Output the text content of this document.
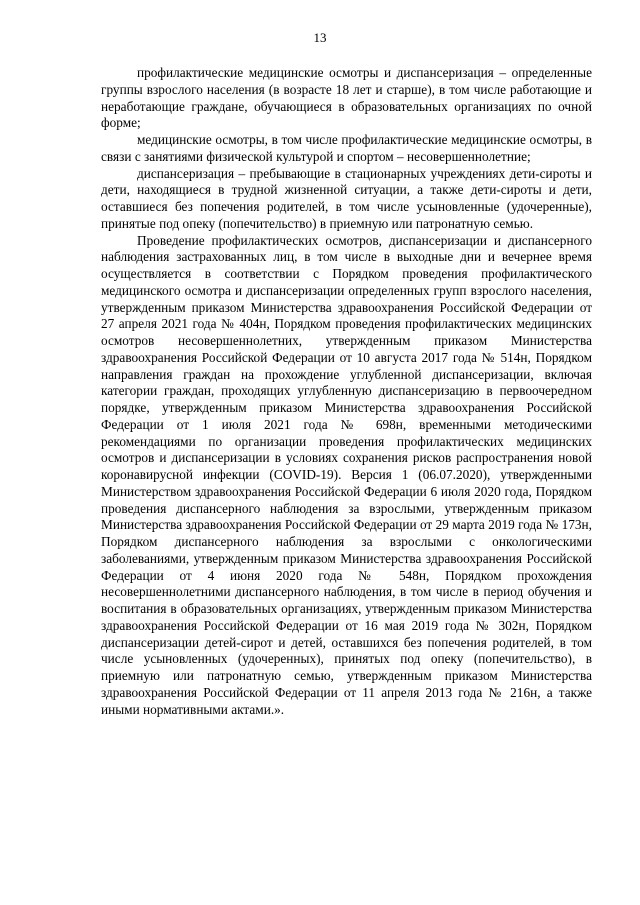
13

профилактические медицинские осмотры и диспансеризация – определенные группы взрослого населения (в возрасте 18 лет и старше), в том числе работающие и неработающие граждане, обучающиеся в образовательных организациях по очной форме;

медицинские осмотры, в том числе профилактические медицинские осмотры, в связи с занятиями физической культурой и спортом – несовершеннолетние;

диспансеризация – пребывающие в стационарных учреждениях дети-сироты и дети, находящиеся в трудной жизненной ситуации, а также дети-сироты и дети, оставшиеся без попечения родителей, в том числе усыновленные (удочеренные), принятые под опеку (попечительство) в приемную или патронатную семью.

Проведение профилактических осмотров, диспансеризации и диспансерного наблюдения застрахованных лиц, в том числе в выходные дни и вечернее время осуществляется в соответствии с Порядком проведения профилактического медицинского осмотра и диспансеризации определенных групп взрослого населения, утвержденным приказом Министерства здравоохранения Российской Федерации от 27 апреля 2021 года № 404н, Порядком проведения профилактических медицинских осмотров несовершеннолетних, утвержденным приказом Министерства здравоохранения Российской Федерации от 10 августа 2017 года № 514н, Порядком направления граждан на прохождение углубленной диспансеризации, включая категории граждан, проходящих углубленную диспансеризацию в первоочередном порядке, утвержденным приказом Министерства здравоохранения Российской Федерации от 1 июля 2021 года № 698н, временными методическими рекомендациями по организации проведения профилактических медицинских осмотров и диспансеризации в условиях сохранения рисков распространения новой коронавирусной инфекции (COVID-19). Версия 1 (06.07.2020), утвержденными Министерством здравоохранения Российской Федерации 6 июля 2020 года, Порядком проведения диспансерного наблюдения за взрослыми, утвержденным приказом Министерства здравоохранения Российской Федерации от 29 марта 2019 года № 173н, Порядком диспансерного наблюдения за взрослыми с онкологическими заболеваниями, утвержденным приказом Министерства здравоохранения Российской Федерации от 4 июня 2020 года № 548н, Порядком прохождения несовершеннолетними диспансерного наблюдения, в том числе в период обучения и воспитания в образовательных организациях, утвержденным приказом Министерства здравоохранения Российской Федерации от 16 мая 2019 года № 302н, Порядком диспансеризации детей-сирот и детей, оставшихся без попечения родителей, в том числе усыновленных (удочеренных), принятых под опеку (попечительство), в приемную или патронатную семью, утвержденным приказом Министерства здравоохранения Российской Федерации от 11 апреля 2013 года № 216н, а также иными нормативными актами.».
